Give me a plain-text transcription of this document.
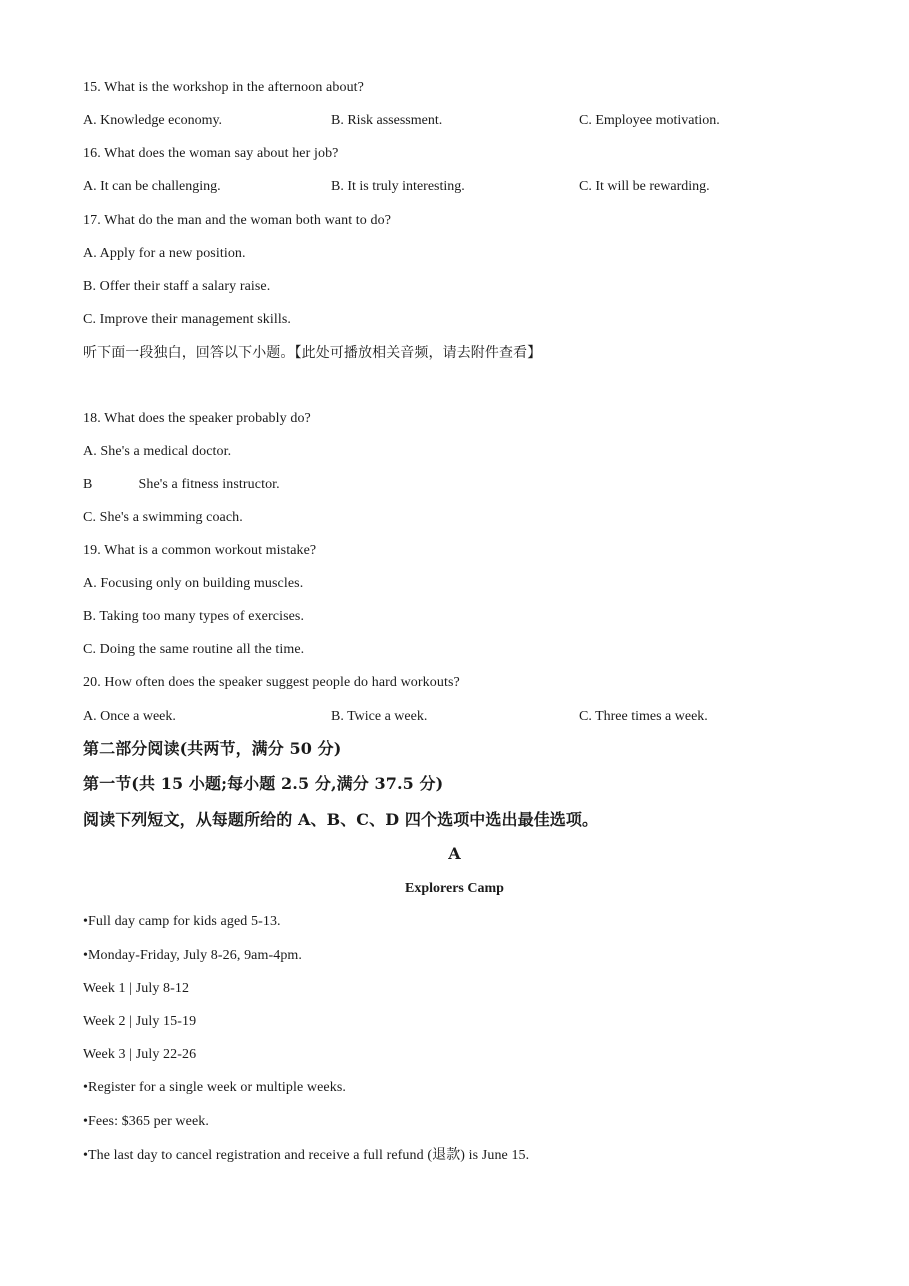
15. What is the workshop in the afternoon about?
A. Knowledge economy.	B. Risk assessment.	C. Employee motivation.
16. What does the woman say about her job?
A. It can be challenging.	B. It is truly interesting.	C. It will be rewarding.
17. What do the man and the woman both want to do?
A. Apply for a new position.
B. Offer their staff a salary raise.
C. Improve their management skills.
听下面一段独白，回答以下小题。【此处可播放相关音频，请去附件查看】
18. What does the speaker probably do?
A. She's a medical doctor.
B	She's a fitness instructor.
C. She's a swimming coach.
19. What is a common workout mistake?
A. Focusing only on building muscles.
B. Taking too many types of exercises.
C. Doing the same routine all the time.
20. How often does the speaker suggest people do hard workouts?
A. Once a week.	B. Twice a week.	C. Three times a week.
第二部分阅读(共两节，满分 50 分)
第一节(共 15 小题;每小题 2.5 分,满分 37.5 分)
阅读下列短文，从每题所给的 A、B、C、D 四个选项中选出最佳选项。
A
Explorers Camp
•Full day camp for kids aged 5-13.
•Monday-Friday, July 8-26, 9am-4pm.
Week 1 | July 8-12
Week 2 | July 15-19
Week 3 | July 22-26
•Register for a single week or multiple weeks.
•Fees: $365 per week.
•The last day to cancel registration and receive a full refund (退款) is June 15.
